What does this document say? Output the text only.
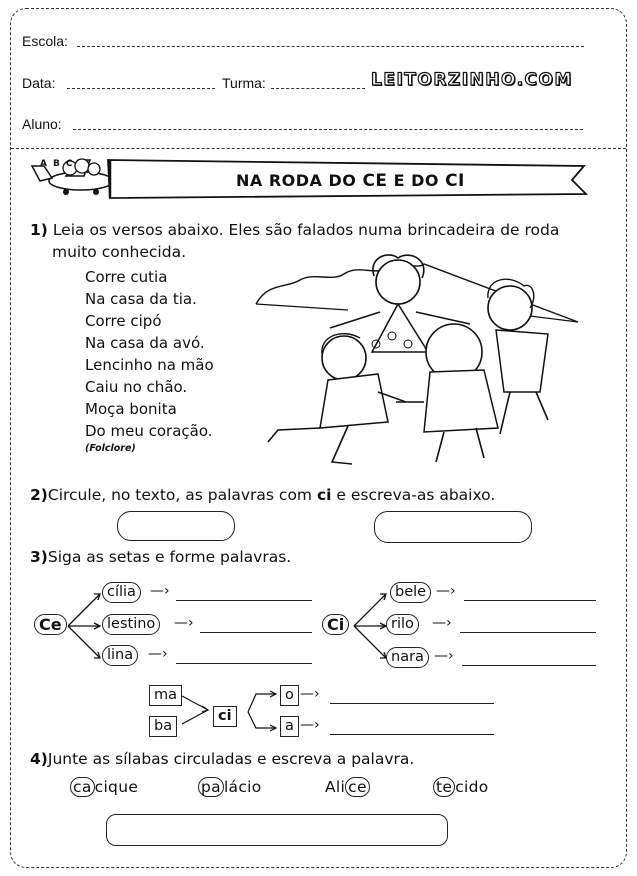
Escola:
Data:	Turma:	LEITORZINHO.COM
Aluno:
ABC
NA RODA DO CE E DO CI
1) Leia os versos abaixo. Eles são falados numa brincadeira de roda
muito conhecida.
Corre cutia
Na casa da tia.
Corre cipó
Na casa da avó.
Lencinho na mão
Caiu no chão.
Moça bonita
Do meu coração.
(Folclore)
2)Circule, no texto, as palavras com ci e escreva-as abaixo.
3)Siga as setas e forme palavras.
Ce
cília	—›
lestino	—›
lina	—›
Ci
bele —›
rilo	—›
nara —›
ma
ba
ci
o
a
—›
—›
4)Junte as sílabas circuladas e escreva a palavra.
ca cique	pa lácio	Ali ce	te cido
